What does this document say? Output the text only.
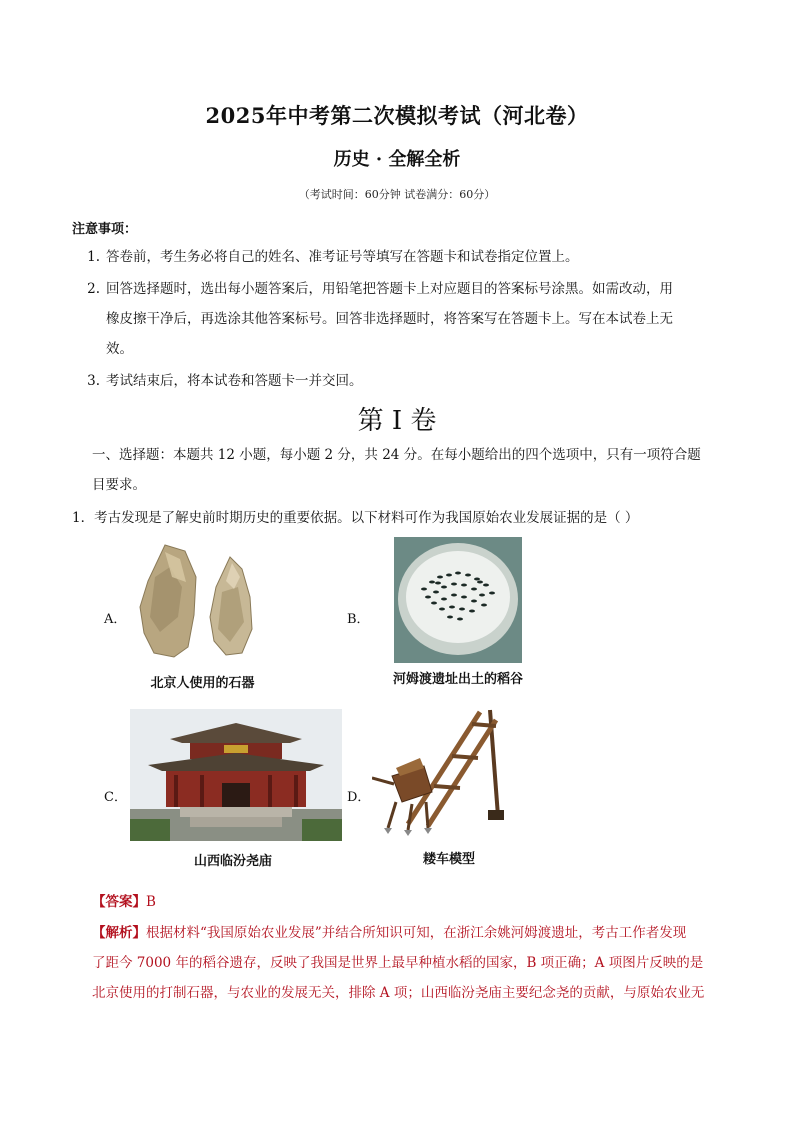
2025年中考第二次模拟考试（河北卷）
历史 · 全解全析
（考试时间：60分钟 试卷满分：60分）
注意事项：
1. 答卷前，考生务必将自己的姓名、准考证号等填写在答题卡和试卷指定位置上。
2. 回答选择题时，选出每小题答案后，用铅笔把答题卡上对应题目的答案标号涂黑。如需改动，用
橡皮擦干净后，再选涂其他答案标号。回答非选择题时，将答案写在答题卡上。写在本试卷上无
效。
3. 考试结束后，将本试卷和答题卡一并交回。
第 I 卷
一、选择题：本题共 12 小题，每小题 2 分，共 24 分。在每小题给出的四个选项中，只有一项符合题
目要求。
1．考古发现是了解史前时期历史的重要依据。以下材料可作为我国原始农业发展证据的是（ ）
A．
北京人使用的石器
B．
河姆渡遗址出土的稻谷
C．
山西临汾尧庙
D．
耧车模型
【答案】B
【解析】根据材料“我国原始农业发展”并结合所知识可知，在浙江余姚河姆渡遗址，考古工作者发现
了距今 7000 年的稻谷遗存，反映了我国是世界上最早种植水稻的国家，B 项正确；A 项图片反映的是
北京使用的打制石器，与农业的发展无关，排除 A 项；山西临汾尧庙主要纪念尧的贡献，与原始农业无
